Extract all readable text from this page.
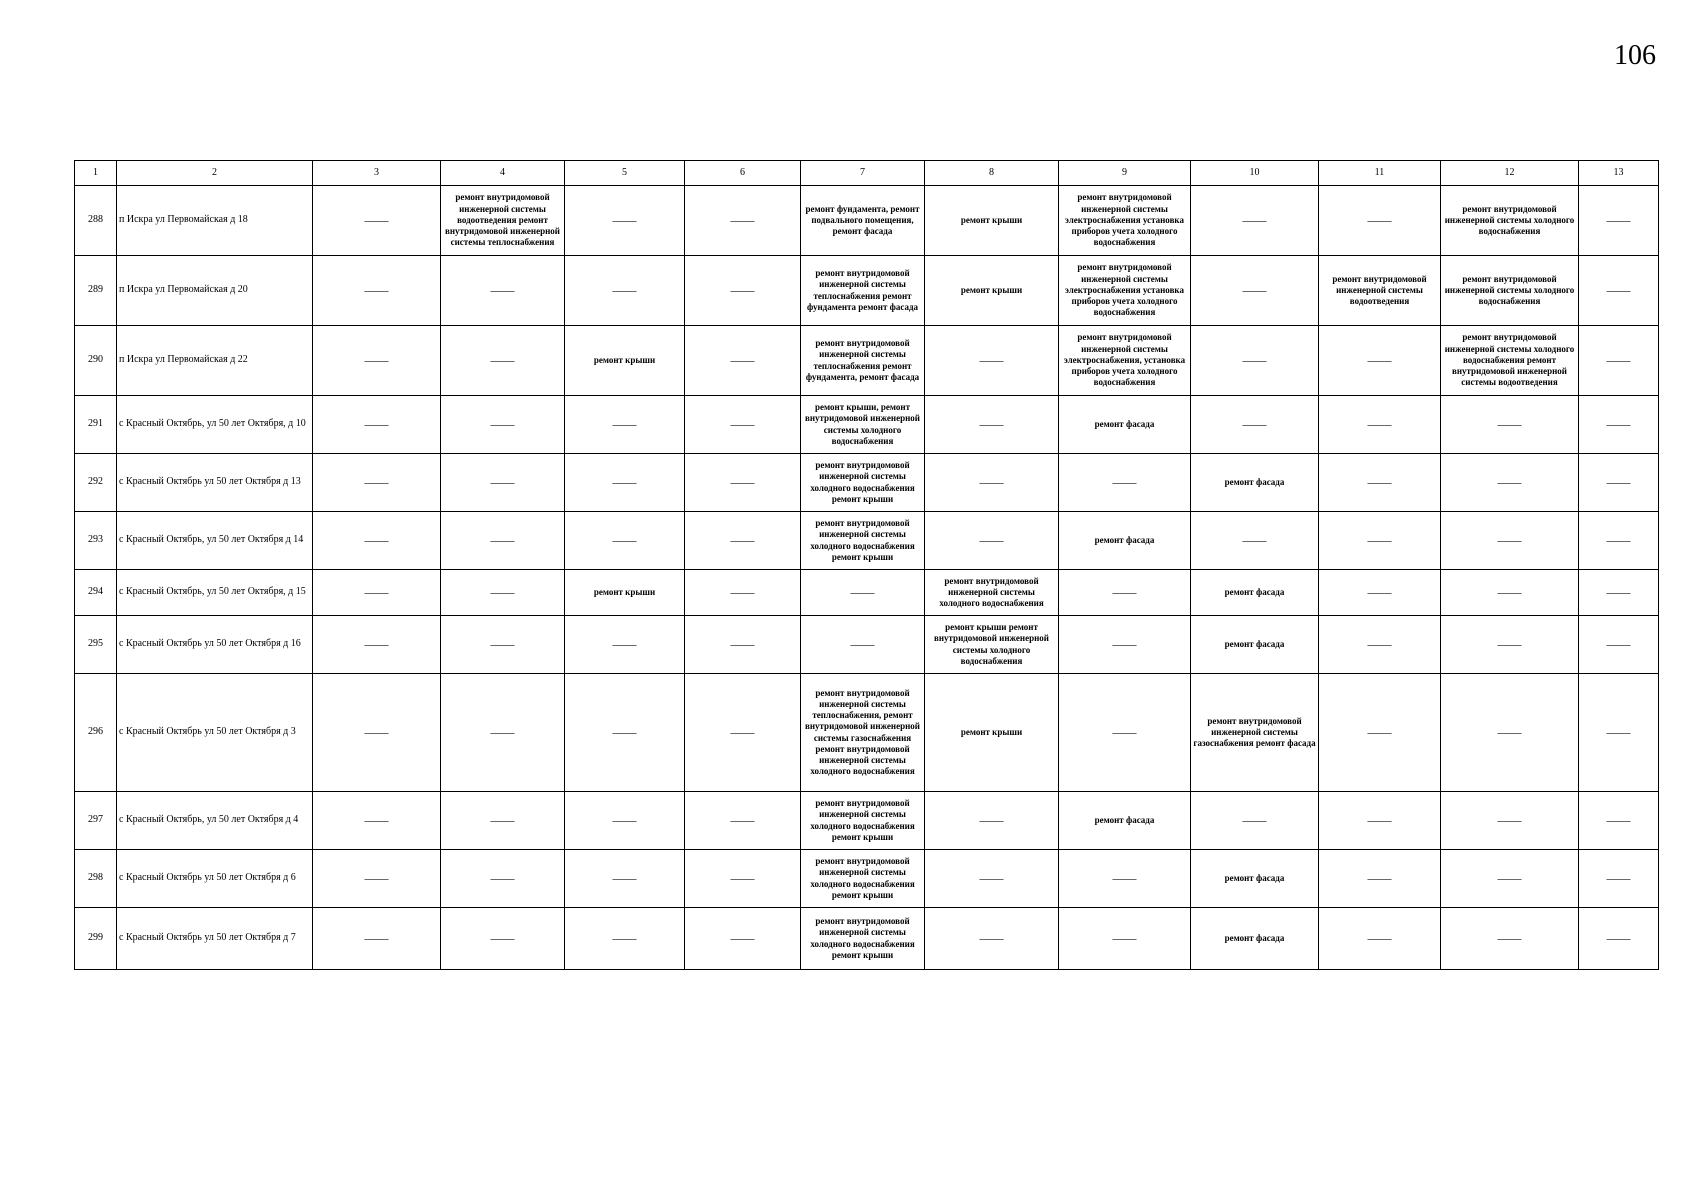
106
1	2	3	4	5	6	7	8	9	10	11	12	13
288	п Искра ул Первомайская д 18	——	ремонт внутридомовой инженерной системы водоотведения ремонт внутридомовой инженерной системы теплоснабжения	——	——	ремонт фундамента, ремонт подвального помещения, ремонт фасада	ремонт крыши	ремонт внутридомовой инженерной системы электроснабжения установка приборов учета холодного водоснабжения	——	——	ремонт внутридомовой инженерной системы холодного водоснабжения	——
289	п Искра ул Первомайская д 20	——	——	——	——	ремонт внутридомовой инженерной системы теплоснабжения ремонт фундамента ремонт фасада	ремонт крыши	ремонт внутридомовой инженерной системы электроснабжения установка приборов учета холодного водоснабжения	——	ремонт внутридомовой инженерной системы водоотведения	ремонт внутридомовой инженерной системы холодного водоснабжения	——
290	п Искра ул Первомайская д 22	——	——	ремонт крыши	——	ремонт внутридомовой инженерной системы теплоснабжения ремонт фундамента, ремонт фасада	——	ремонт внутридомовой инженерной системы электроснабжения, установка приборов учета холодного водоснабжения	——	——	ремонт внутридомовой инженерной системы холодного водоснабжения ремонт внутридомовой инженерной системы водоотведения	——
291	с Красный Октябрь, ул 50 лет Октября, д 10	——	——	——	——	ремонт крыши, ремонт внутридомовой инженерной системы холодного водоснабжения	——	ремонт фасада	——	——	——	——
292	с Красный Октябрь ул 50 лет Октября д 13	——	——	——	——	ремонт внутридомовой инженерной системы холодного водоснабжения ремонт крыши	——	——	ремонт фасада	——	——	——
293	с Красный Октябрь, ул 50 лет Октября д 14	——	——	——	——	ремонт внутридомовой инженерной системы холодного водоснабжения ремонт крыши	——	ремонт фасада	——	——	——	——
294	с Красный Октябрь, ул 50 лет Октября, д 15	——	——	ремонт крыши	——	——	ремонт внутридомовой инженерной системы холодного водоснабжения	——	ремонт фасада	——	——	——
295	с Красный Октябрь ул 50 лет Октября д 16	——	——	——	——	——	ремонт крыши ремонт внутридомовой инженерной системы холодного водоснабжения	——	ремонт фасада	——	——	——
296	с Красный Октябрь ул 50 лет Октября д 3	——	——	——	——	ремонт внутридомовой инженерной системы теплоснабжения, ремонт внутридомовой инженерной системы газоснабжения ремонт внутридомовой инженерной системы холодного водоснабжения	ремонт крыши	——	ремонт внутридомовой инженерной системы газоснабжения ремонт фасада	——	——	——
297	с Красный Октябрь, ул 50 лет Октября д 4	——	——	——	——	ремонт внутридомовой инженерной системы холодного водоснабжения ремонт крыши	——	ремонт фасада	——	——	——	——
298	с Красный Октябрь ул 50 лет Октября д 6	——	——	——	——	ремонт внутридомовой инженерной системы холодного водоснабжения ремонт крыши	——	——	ремонт фасада	——	——	——
299	с Красный Октябрь ул 50 лет Октября д 7	——	——	——	——	ремонт внутридомовой инженерной системы холодного водоснабжения ремонт крыши	——	——	ремонт фасада	——	——	——
